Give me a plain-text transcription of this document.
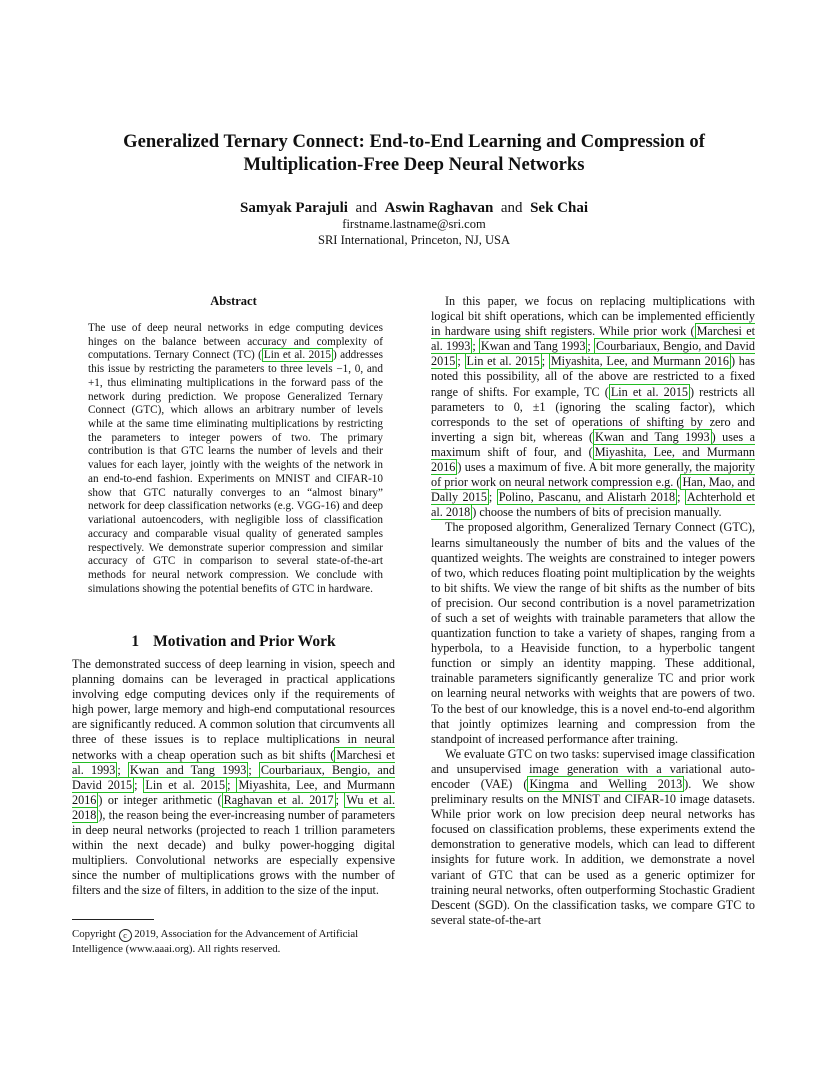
Generalized Ternary Connect: End-to-End Learning and Compression of
Multiplication-Free Deep Neural Networks
Samyak Parajuli and Aswin Raghavan and Sek Chai
firstname.lastname@sri.com
SRI International, Princeton, NJ, USA
Abstract

The use of deep neural networks in edge computing devices hinges on the balance between accuracy and complexity of computations. Ternary Connect (TC) ( Lin et al. 2015 ) addresses this issue by restricting the parameters to three levels −1, 0, and +1, thus eliminating multiplications in the forward pass of the network during prediction. We propose Generalized Ternary Connect (GTC), which allows an arbitrary number of levels while at the same time eliminating multiplications by restricting the parameters to integer powers of two. The primary contribution is that GTC learns the number of levels and their values for each layer, jointly with the weights of the network in an end-to-end fashion. Experiments on MNIST and CIFAR-10 show that GTC naturally converges to an “almost binary” network for deep classification networks (e.g. VGG-16) and deep variational autoencoders, with negligible loss of classification accuracy and comparable visual quality of generated samples respectively. We demonstrate superior compression and similar accuracy of GTC in comparison to several state-of-the-art methods for neural network compression. We conclude with simulations showing the potential benefits of GTC in hardware.

1 Motivation and Prior Work

The demonstrated success of deep learning in vision, speech and planning domains can be leveraged in practical applications involving edge computing devices only if the requirements of high power, large memory and high-end computational resources are significantly reduced. A common solution that circumvents all three of these issues is to replace multiplications in neural networks with a cheap operation such as bit shifts ( Marchesi et al. 1993 ; Kwan and Tang 1993 ; Courbariaux, Bengio, and David 2015 ; Lin et al. 2015 ; Miyashita, Lee, and Murmann 2016 ) or integer arithmetic ( Raghavan et al. 2017 ; Wu et al. 2018 ), the reason being the ever-increasing number of parameters in deep neural networks (projected to reach 1 trillion parameters within the next decade) and bulky power-hogging digital multipliers. Convolutional networks are especially expensive since the number of multiplications grows with the number of filters and the size of filters, in addition to the size of the input.

Copyright c 2019, Association for the Advancement of Artificial Intelligence (www.aaai.org). All rights reserved.

In this paper, we focus on replacing multiplications with logical bit shift operations, which can be implemented efficiently in hardware using shift registers. While prior work ( Marchesi et al. 1993 ; Kwan and Tang 1993 ; Courbariaux, Bengio, and David 2015 ; Lin et al. 2015 ; Miyashita, Lee, and Murmann 2016 ) has noted this possibility, all of the above are restricted to a fixed range of shifts. For example, TC ( Lin et al. 2015 ) restricts all parameters to 0, ±1 (ignoring the scaling factor), which corresponds to the set of operations of shifting by zero and inverting a sign bit, whereas ( Kwan and Tang 1993 ) uses a maximum shift of four, and ( Miyashita, Lee, and Murmann 2016 ) uses a maximum of five. A bit more generally, the majority of prior work on neural network compression e.g. ( Han, Mao, and Dally 2015 ; Polino, Pascanu, and Alistarh 2018 ; Achterhold et al. 2018 ) choose the numbers of bits of precision manually.

The proposed algorithm, Generalized Ternary Connect (GTC), learns simultaneously the number of bits and the values of the quantized weights. The weights are constrained to integer powers of two, which reduces floating point multiplication by the weights to bit shifts. We view the range of bit shifts as the number of bits of precision. Our second contribution is a novel parametrization of such a set of weights with trainable parameters that allow the quantization function to take a variety of shapes, ranging from a hyperbola, to a Heaviside function, to a hyperbolic tangent function or simply an identity mapping. These additional, trainable parameters significantly generalize TC and prior work on learning neural networks with weights that are powers of two. To the best of our knowledge, this is a novel end-to-end algorithm that jointly optimizes learning and compression from the standpoint of increased performance after training.

We evaluate GTC on two tasks: supervised image classification and unsupervised image generation with a variational auto-encoder (VAE) ( Kingma and Welling 2013 ). We show preliminary results on the MNIST and CIFAR-10 image datasets. While prior work on low precision deep neural networks has focused on classification problems, these experiments extend the demonstration to generative models, which can lead to different insights for future work. In addition, we demonstrate a novel variant of GTC that can be used as a generic optimizer for training neural networks, often outperforming Stochastic Gradient Descent (SGD). On the classification tasks, we compare GTC to several state-of-the-art
